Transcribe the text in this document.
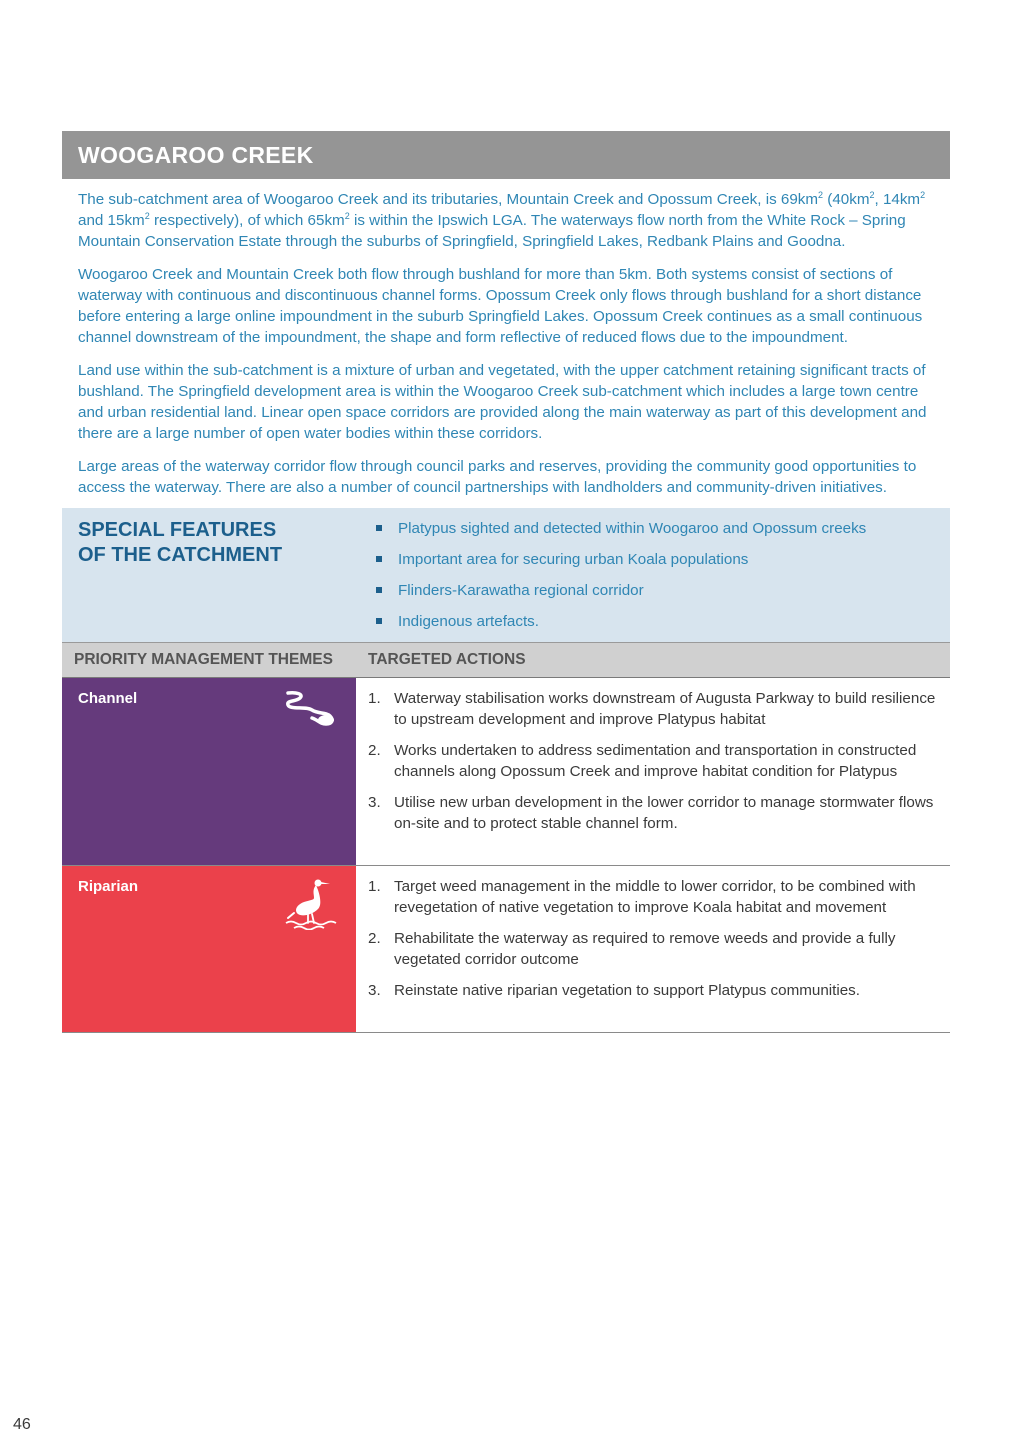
WOOGAROO CREEK

The sub-catchment area of Woogaroo Creek and its tributaries, Mountain Creek and Opossum Creek, is $69km^2$ ($40km^2$, $14km^2$ and $15km^2$ respectively), of which $65km^2$ is within the Ipswich LGA. The waterways flow north from the White Rock – Spring Mountain Conservation Estate through the suburbs of Springfield, Springfield Lakes, Redbank Plains and Goodna.

Woogaroo Creek and Mountain Creek both flow through bushland for more than 5km. Both systems consist of sections of waterway with continuous and discontinuous channel forms. Opossum Creek only flows through bushland for a short distance before entering a large online impoundment in the suburb Springfield Lakes. Opossum Creek continues as a small continuous channel downstream of the impoundment, the shape and form reflective of reduced flows due to the impoundment.

Land use within the sub-catchment is a mixture of urban and vegetated, with the upper catchment retaining significant tracts of bushland. The Springfield development area is within the Woogaroo Creek sub-catchment which includes a large town centre and urban residential land. Linear open space corridors are provided along the main waterway as part of this development and there are a large number of open water bodies within these corridors.

Large areas of the waterway corridor flow through council parks and reserves, providing the community good opportunities to access the waterway. There are also a number of council partnerships with landholders and community-driven initiatives.

SPECIAL FEATURES
OF THE CATCHMENT
Platypus sighted and detected within Woogaroo and Opossum creeks
Important area for securing urban Koala populations
Flinders-Karawatha regional corridor
Indigenous artefacts.
PRIORITY MANAGEMENT THEMES	TARGETED ACTIONS
Channel	1. Waterway stabilisation works downstream of Augusta Parkway to build resilience to upstream development and improve Platypus habitat
2. Works undertaken to address sedimentation and transportation in constructed channels along Opossum Creek and improve habitat condition for Platypus
3. Utilise new urban development in the lower corridor to manage stormwater flows on-site and to protect stable channel form.
Riparian	1. Target weed management in the middle to lower corridor, to be combined with revegetation of native vegetation to improve Koala habitat and movement
2. Rehabilitate the waterway as required to remove weeds and provide a fully vegetated corridor outcome
3. Reinstate native riparian vegetation to support Platypus communities.
46
